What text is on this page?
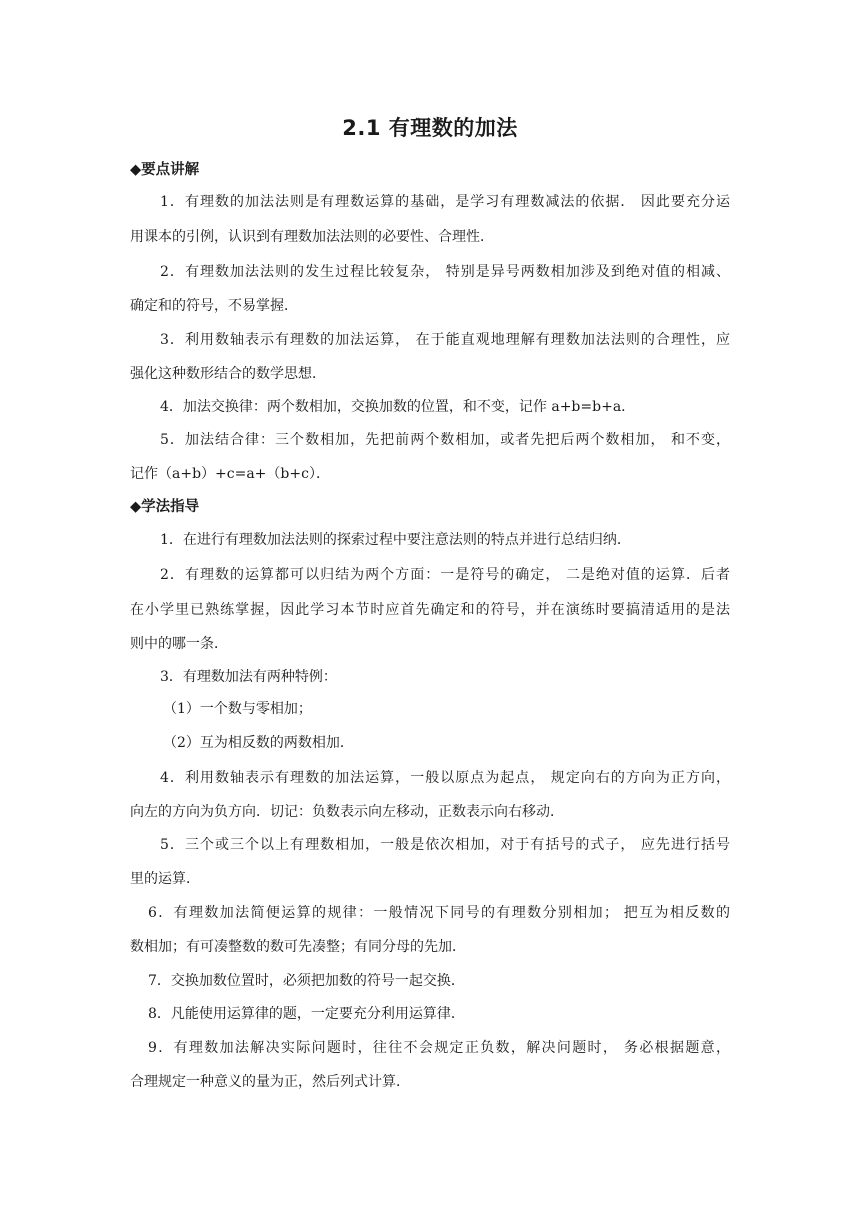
2.1 有理数的加法
◆要点讲解
1．有理数的加法法则是有理数运算的基础，是学习有理数减法的依据． 因此要充分运
用课本的引例，认识到有理数加法法则的必要性、合理性．
2．有理数加法法则的发生过程比较复杂， 特别是异号两数相加涉及到绝对值的相减、
确定和的符号，不易掌握．
3．利用数轴表示有理数的加法运算， 在于能直观地理解有理数加法法则的合理性，应
强化这种数形结合的数学思想．
4．加法交换律：两个数相加，交换加数的位置，和不变，记作 a+b=b+a．
5．加法结合律：三个数相加，先把前两个数相加，或者先把后两个数相加， 和不变，
记作（a+b）+c=a+（b+c）．
◆学法指导
1．在进行有理数加法法则的探索过程中要注意法则的特点并进行总结归纳．
2．有理数的运算都可以归结为两个方面：一是符号的确定， 二是绝对值的运算．后者
在小学里已熟练掌握，因此学习本节时应首先确定和的符号，并在演练时要搞清适用的是法
则中的哪一条．
3．有理数加法有两种特例：
（1）一个数与零相加；
（2）互为相反数的两数相加．
4．利用数轴表示有理数的加法运算，一般以原点为起点， 规定向右的方向为正方向，
向左的方向为负方向．切记：负数表示向左移动，正数表示向右移动．
5．三个或三个以上有理数相加，一般是依次相加，对于有括号的式子， 应先进行括号
里的运算．
6．有理数加法简便运算的规律：一般情况下同号的有理数分别相加； 把互为相反数的
数相加；有可凑整数的数可先凑整；有同分母的先加．
7．交换加数位置时，必须把加数的符号一起交换．
8．凡能使用运算律的题，一定要充分利用运算律．
9．有理数加法解决实际问题时，往往不会规定正负数，解决问题时， 务必根据题意，
合理规定一种意义的量为正，然后列式计算．
